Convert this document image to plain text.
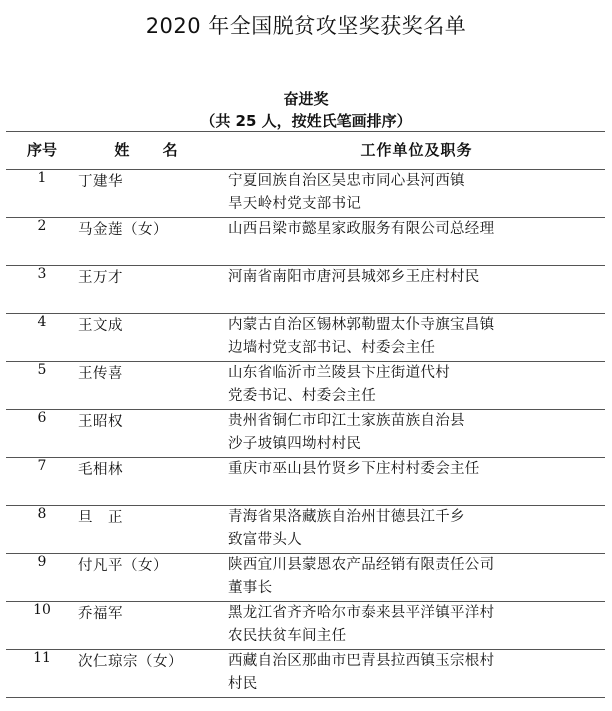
2020 年全国脱贫攻坚奖获奖名单
奋进奖
（共 25 人，按姓氏笔画排序）
序号	姓 名	工作单位及职务
1	丁建华	宁夏回族自治区吴忠市同心县河西镇
旱天岭村党支部书记

2	马金莲（女）	山西吕梁市懿星家政服务有限公司总经理

3	王万才	河南省南阳市唐河县城郊乡王庄村村民

4	王文成	内蒙古自治区锡林郭勒盟太仆寺旗宝昌镇
边墙村党支部书记、村委会主任

5	王传喜	山东省临沂市兰陵县卞庄街道代村
党委书记、村委会主任

6	王昭权	贵州省铜仁市印江土家族苗族自治县
沙子坡镇四坳村村民

7	毛相林	重庆市巫山县竹贤乡下庄村村委会主任

8	旦　正	青海省果洛藏族自治州甘德县江千乡
致富带头人

9	付凡平（女）	陕西宜川县蒙恩农产品经销有限责任公司
董事长

10	乔福军	黑龙江省齐齐哈尔市泰来县平洋镇平洋村
农民扶贫车间主任

11	次仁琼宗（女）	西藏自治区那曲市巴青县拉西镇玉宗根村
村民
